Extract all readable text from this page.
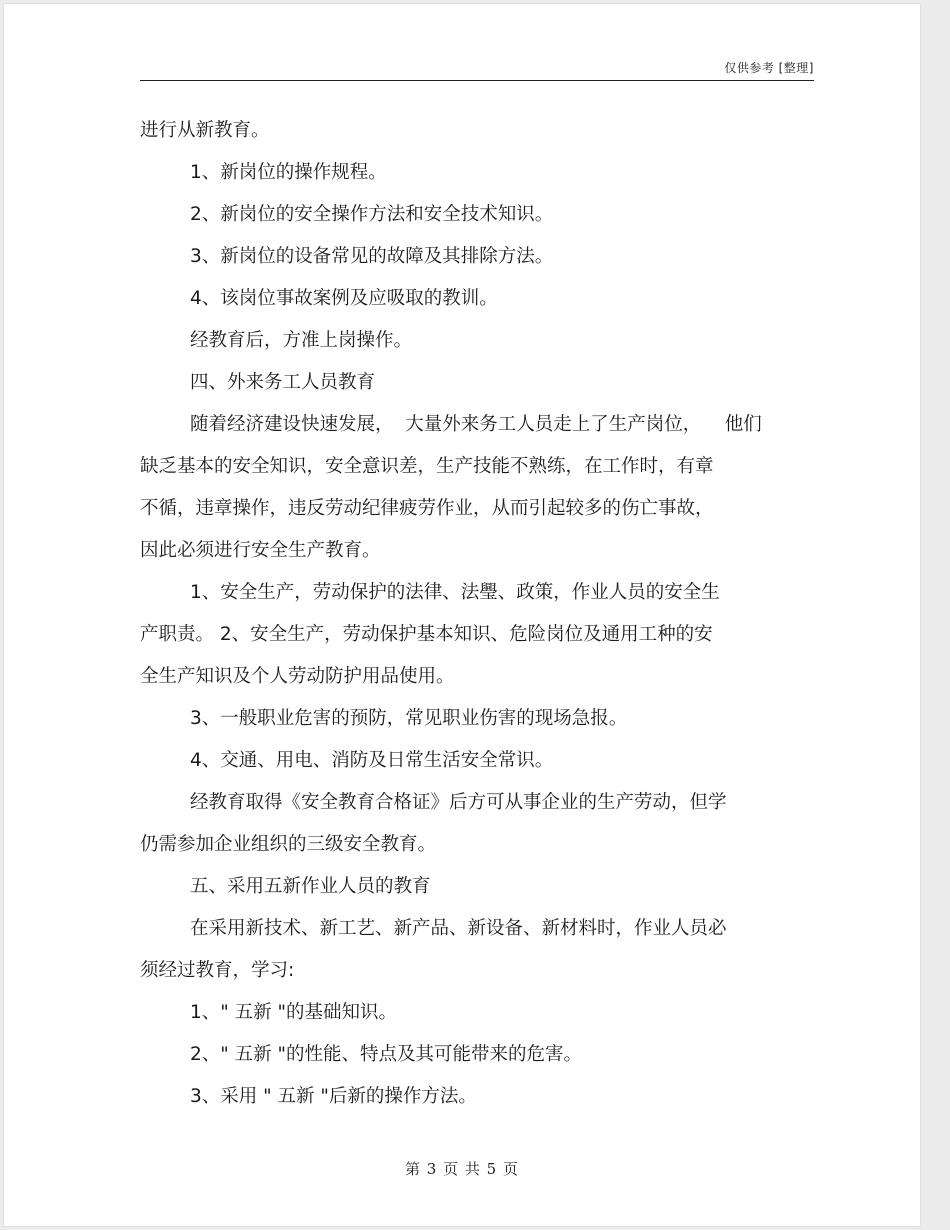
仅供参考 [整理]
进行从新教育。
1、新岗位的操作规程。
2、新岗位的安全操作方法和安全技术知识。
3、新岗位的设备常见的故障及其排除方法。
4、该岗位事故案例及应吸取的教训。
经教育后，方准上岗操作。
四、外来务工人员教育
随着经济建设快速发展，  大量外来务工人员走上了生产岗位，    他们
缺乏基本的安全知识，安全意识差，生产技能不熟练，在工作时，有章
不循，违章操作，违反劳动纪律疲劳作业，从而引起较多的伤亡事故，
因此必须进行安全生产教育。
1、安全生产，劳动保护的法律、法璺、政策，作业人员的安全生
产职责。 2、安全生产，劳动保护基本知识、危险岗位及通用工种的安
全生产知识及个人劳动防护用品使用。
3、一般职业危害的预防，常见职业伤害的现场急报。
4、交通、用电、消防及日常生活安全常识。
经教育取得《安全教育合格证》后方可从事企业的生产劳动，但学
仍需参加企业组织的三级安全教育。
五、采用五新作业人员的教育
在采用新技术、新工艺、新产品、新设备、新材料时，作业人员必
须经过教育，学习:
1、" 五新 "的基础知识。
2、" 五新 "的性能、特点及其可能带来的危害。
3、采用 " 五新 "后新的操作方法。
第 3 页 共 5 页
